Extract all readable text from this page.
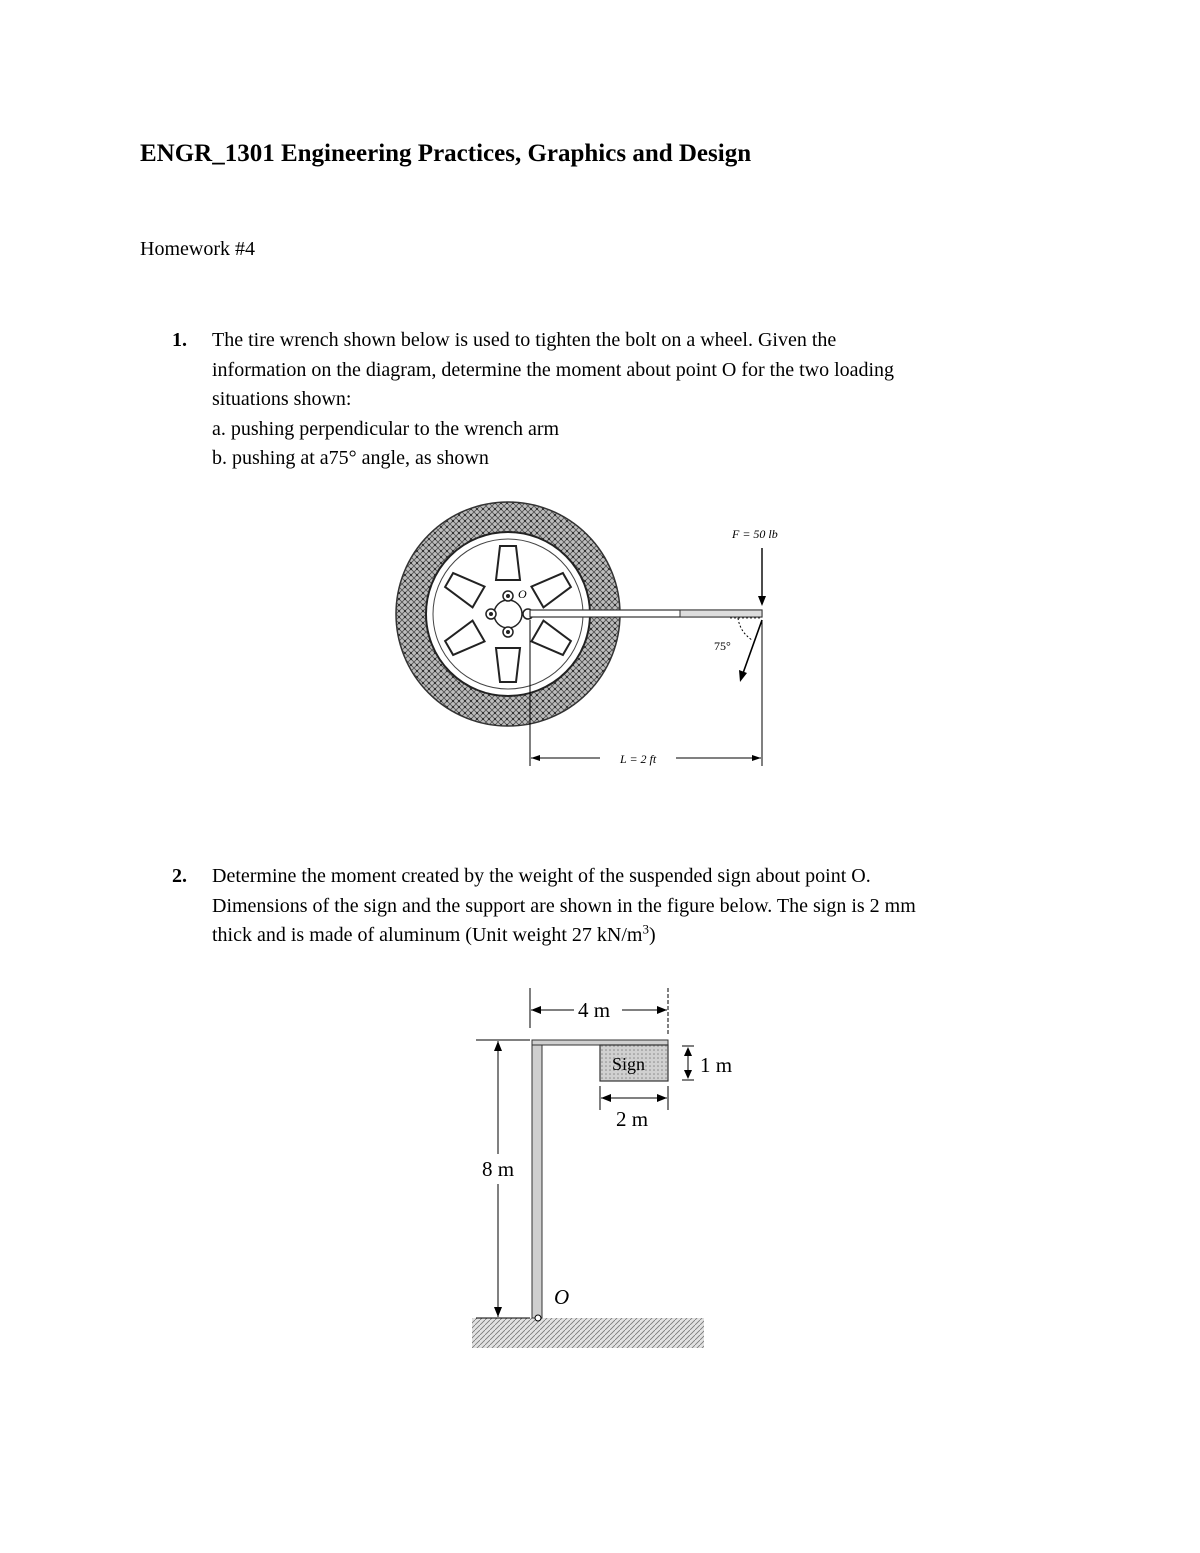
ENGR_1301 Engineering Practices, Graphics and Design
Homework #4
1. The tire wrench shown below is used to tighten the bolt on a wheel. Given the
information on the diagram, determine the moment about point O for the two loading
situations shown:
a. pushing perpendicular to the wrench arm
b. pushing at a75° angle, as shown
O
F = 50 lb
75°
L = 2 ft
2. Determine the moment created by the weight of the suspended sign about point O.
Dimensions of the sign and the support are shown in the figure below. The sign is 2 mm
thick and is made of aluminum (Unit weight 27 $kN/m^3$)
Sign
4 m
1 m
2 m
8 m
O
